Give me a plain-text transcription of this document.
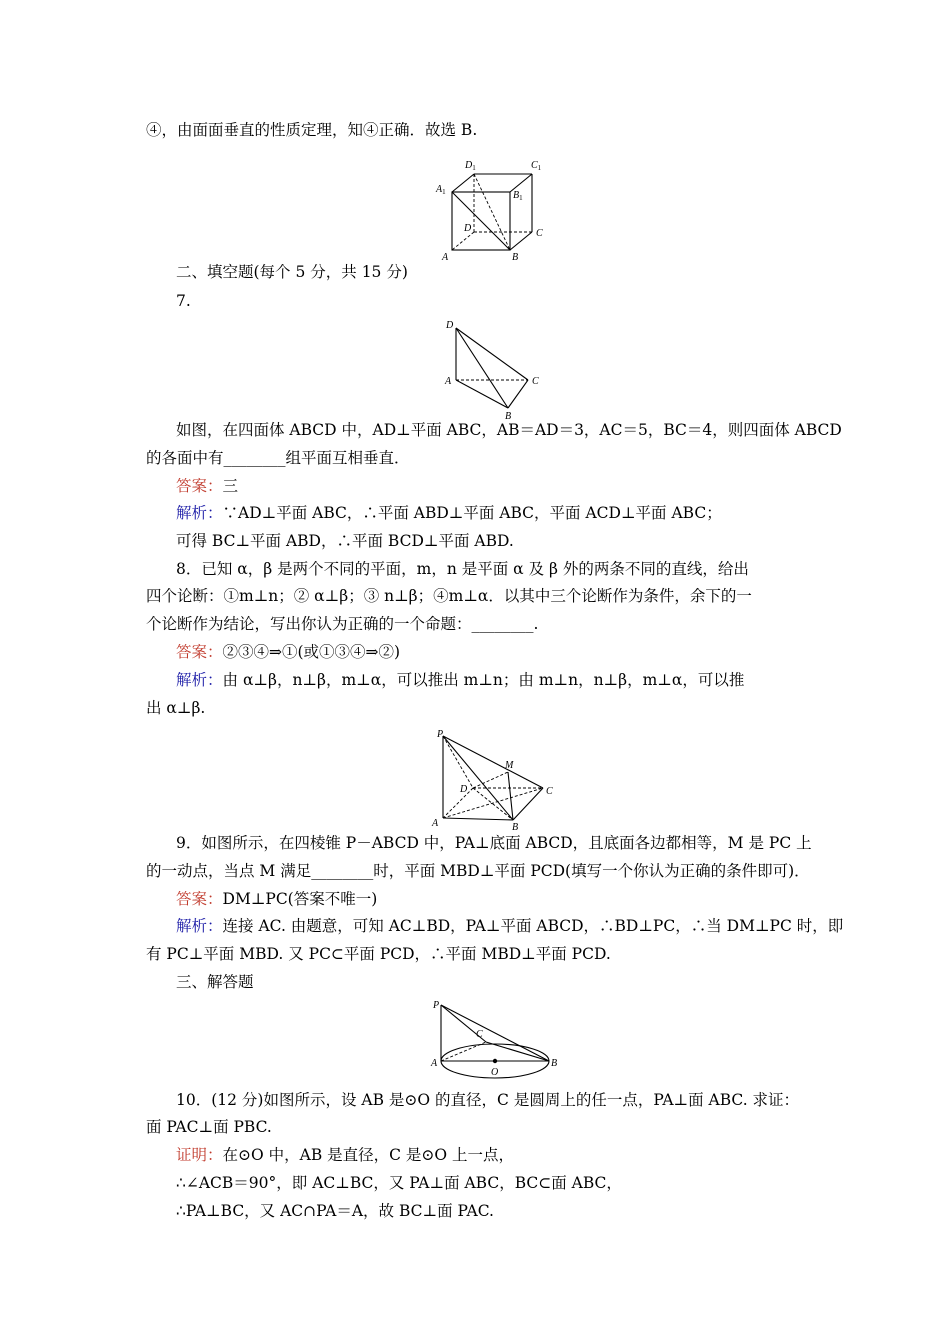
④，由面面垂直的性质定理，知④正确．故选 B.
$D_1$	$C_1$
$A_1$	$B_1$
D	C
A	B
二、填空题(每个 5 分，共 15 分)
7.
D
A	C
B
如图，在四面体 ABCD 中，AD⊥平面 ABC，AB＝AD＝3，AC＝5，BC＝4，则四面体 ABCD
的各面中有________组平面互相垂直．
答案：三
解析：∵AD⊥平面 ABC，∴平面 ABD⊥平面 ABC，平面 ACD⊥平面 ABC；
可得 BC⊥平面 ABD，∴平面 BCD⊥平面 ABD.
8．已知 α，β 是两个不同的平面，m，n 是平面 α 及 β 外的两条不同的直线，给出
四个论断：①m⊥n；② α⊥β；③ n⊥β；④m⊥α．以其中三个论断作为条件，余下的一
个论断作为结论，写出你认为正确的一个命题：________.
答案：②③④⇒①(或①③④⇒②)
解析：由 α⊥β，n⊥β，m⊥α，可以推出 m⊥n；由 m⊥n，n⊥β，m⊥α，可以推
出 α⊥β.
P
M
D	C
A	B
9．如图所示，在四棱锥 P－ABCD 中，PA⊥底面 ABCD，且底面各边都相等，M 是 PC 上
的一动点，当点 M 满足________时，平面 MBD⊥平面 PCD(填写一个你认为正确的条件即可)．
答案：DM⊥PC(答案不唯一)
解析：连接 AC. 由题意，可知 AC⊥BD，PA⊥平面 ABCD，∴BD⊥PC，∴当 DM⊥PC 时，即
有 PC⊥平面 MBD. 又 PC⊂平面 PCD，∴平面 MBD⊥平面 PCD.
三、解答题
P
C
A
O
B
10．(12 分)如图所示，设 AB 是⊙O 的直径，C 是圆周上的任一点，PA⊥面 ABC. 求证：
面 PAC⊥面 PBC.
证明：在⊙O 中，AB 是直径，C 是⊙O 上一点，
∴∠ACB＝90°，即 AC⊥BC，又 PA⊥面 ABC，BC⊂面 ABC，
∴PA⊥BC，又 AC∩PA＝A，故 BC⊥面 PAC.
